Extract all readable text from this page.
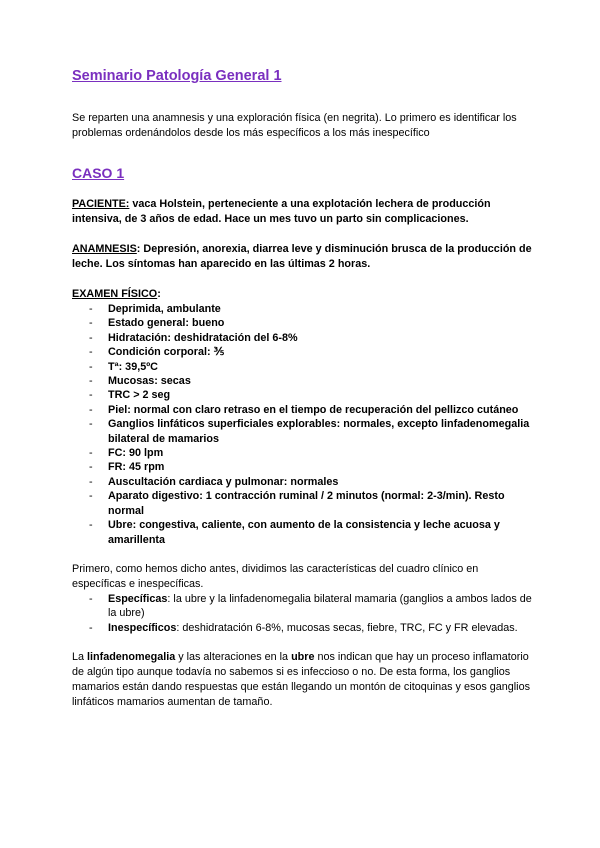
Seminario Patología General 1

Se reparten una anamnesis y una exploración física (en negrita). Lo primero es identificar los problemas ordenándolos desde los más específicos a los más inespecífico

CASO 1

PACIENTE: vaca Holstein, perteneciente a una explotación lechera de producción intensiva, de 3 años de edad. Hace un mes tuvo un parto sin complicaciones.

ANAMNESIS: Depresión, anorexia, diarrea leve y disminución brusca de la producción de leche. Los síntomas han aparecido en las últimas 2 horas.

EXAMEN FÍSICO:

- Deprimida, ambulante
- Estado general: bueno
- Hidratación: deshidratación del 6-8%
- Condición corporal: ⅗
- Tª: 39,5ºC
- Mucosas: secas
- TRC > 2 seg
- Piel: normal con claro retraso en el tiempo de recuperación del pellizco cutáneo
- Ganglios linfáticos superficiales explorables: normales, excepto linfadenomegalia bilateral de mamarios
- FC: 90 lpm
- FR: 45 rpm
- Auscultación cardiaca y pulmonar: normales
- Aparato digestivo: 1 contracción ruminal / 2 minutos (normal: 2-3/min). Resto normal
- Ubre: congestiva, caliente, con aumento de la consistencia y leche acuosa y amarillenta

Primero, como hemos dicho antes, dividimos las características del cuadro clínico en específicas e inespecíficas.

- Específicas: la ubre y la linfadenomegalia bilateral mamaria (ganglios a ambos lados de la ubre)
- Inespecíficos: deshidratación 6-8%, mucosas secas, fiebre, TRC, FC y FR elevadas.

La linfadenomegalia y las alteraciones en la ubre nos indican que hay un proceso inflamatorio de algún tipo aunque todavía no sabemos si es infeccioso o no. De esta forma, los ganglios mamarios están dando respuestas que están llegando un montón de citoquinas y esos ganglios linfáticos mamarios aumentan de tamaño.
